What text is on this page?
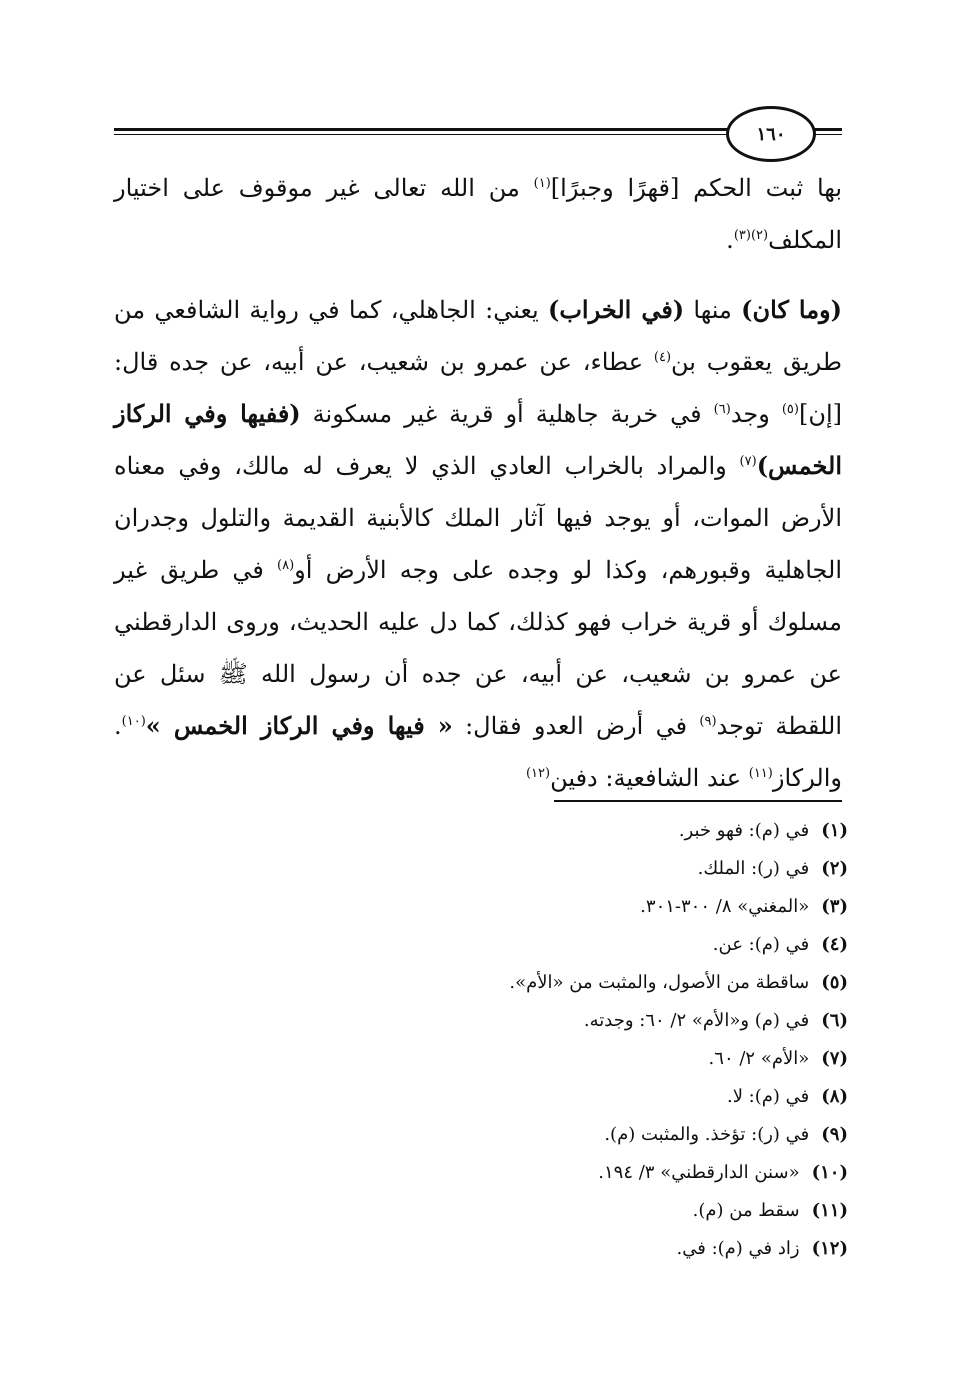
١٦٠

بها ثبت الحكم [قهرًا وجبرًا]$^{(١)}$ من الله تعالى غير موقوف على اختيار المكلف$^{(٢)(٣)}$.

(وما كان) منها (في الخراب) يعني: الجاهلي، كما في رواية الشافعي من طريق يعقوب بن$^{(٤)}$ عطاء، عن عمرو بن شعيب، عن أبيه، عن جده قال: [إن]$^{(٥)}$ وجد$^{(٦)}$ في خربة جاهلية أو قرية غير مسكونة (ففيها وفي الركاز الخمس)$^{(٧)}$ والمراد بالخراب العادي الذي لا يعرف له مالك، وفي معناه الأرض الموات، أو يوجد فيها آثار الملك كالأبنية القديمة والتلول وجدران الجاهلية وقبورهم، وكذا لو وجده على وجه الأرض أو$^{(٨)}$ في طريق غير مسلوك أو قرية خراب فهو كذلك، كما دل عليه الحديث، وروى الدارقطني عن عمرو بن شعيب، عن أبيه، عن جده أن رسول الله ﷺ سئل عن اللقطة توجد$^{(٩)}$ في أرض العدو فقال: « فيها وفي الركاز الخمس »$^{(١٠)}$. والركاز$^{(١١)}$ عند الشافعية: دفين$^{(١٢)}$

(١)في (م): فهو خبر.
(٢)في (ر): الملك.
(٣)«المغني» ٨/ ٣٠٠-٣٠١.
(٤)في (م): عن.
(٥)ساقطة من الأصول، والمثبت من «الأم».
(٦)في (م) و«الأم» ٢/ ٦٠: وجدته.
(٧)«الأم» ٢/ ٦٠.
(٨)في (م): لا.
(٩)في (ر): تؤخذ. والمثبت (م).
(١٠)«سنن الدارقطني» ٣/ ١٩٤.
(١١)سقط من (م).
(١٢)زاد في (م): في.
